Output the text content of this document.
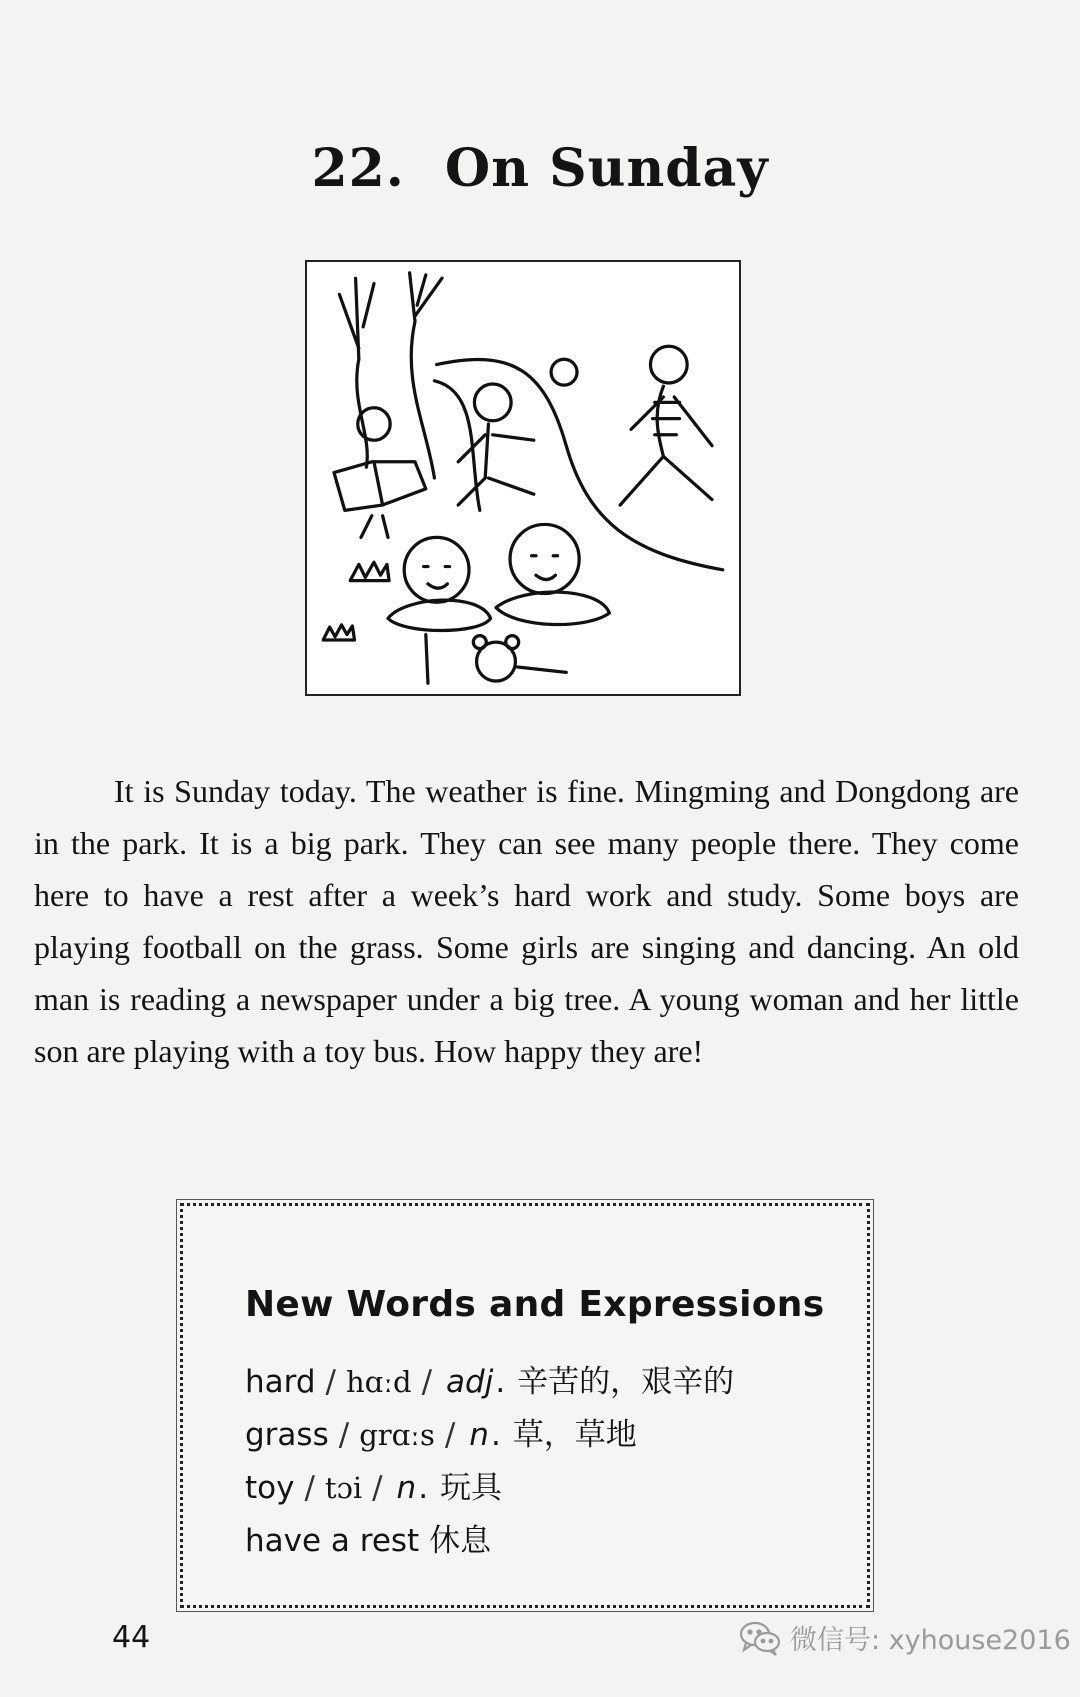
22. On Sunday

It is Sunday today. The weather is fine. Mingming and Dongdong are in the park. It is a big park. They can see many people there. They come here to have a rest after a week’s hard work and study. Some boys are playing football on the grass. Some girls are singing and dancing. An old man is reading a newspaper under a big tree. A young woman and her little son are playing with a toy bus. How happy they are!

New Words and Expressions
hard / hɑːd / adj. 辛苦的，艰辛的
grass / grɑːs / n. 草，草地
toy / tɔi / n. 玩具
have a rest 休息
44	微信号: xyhouse2016
